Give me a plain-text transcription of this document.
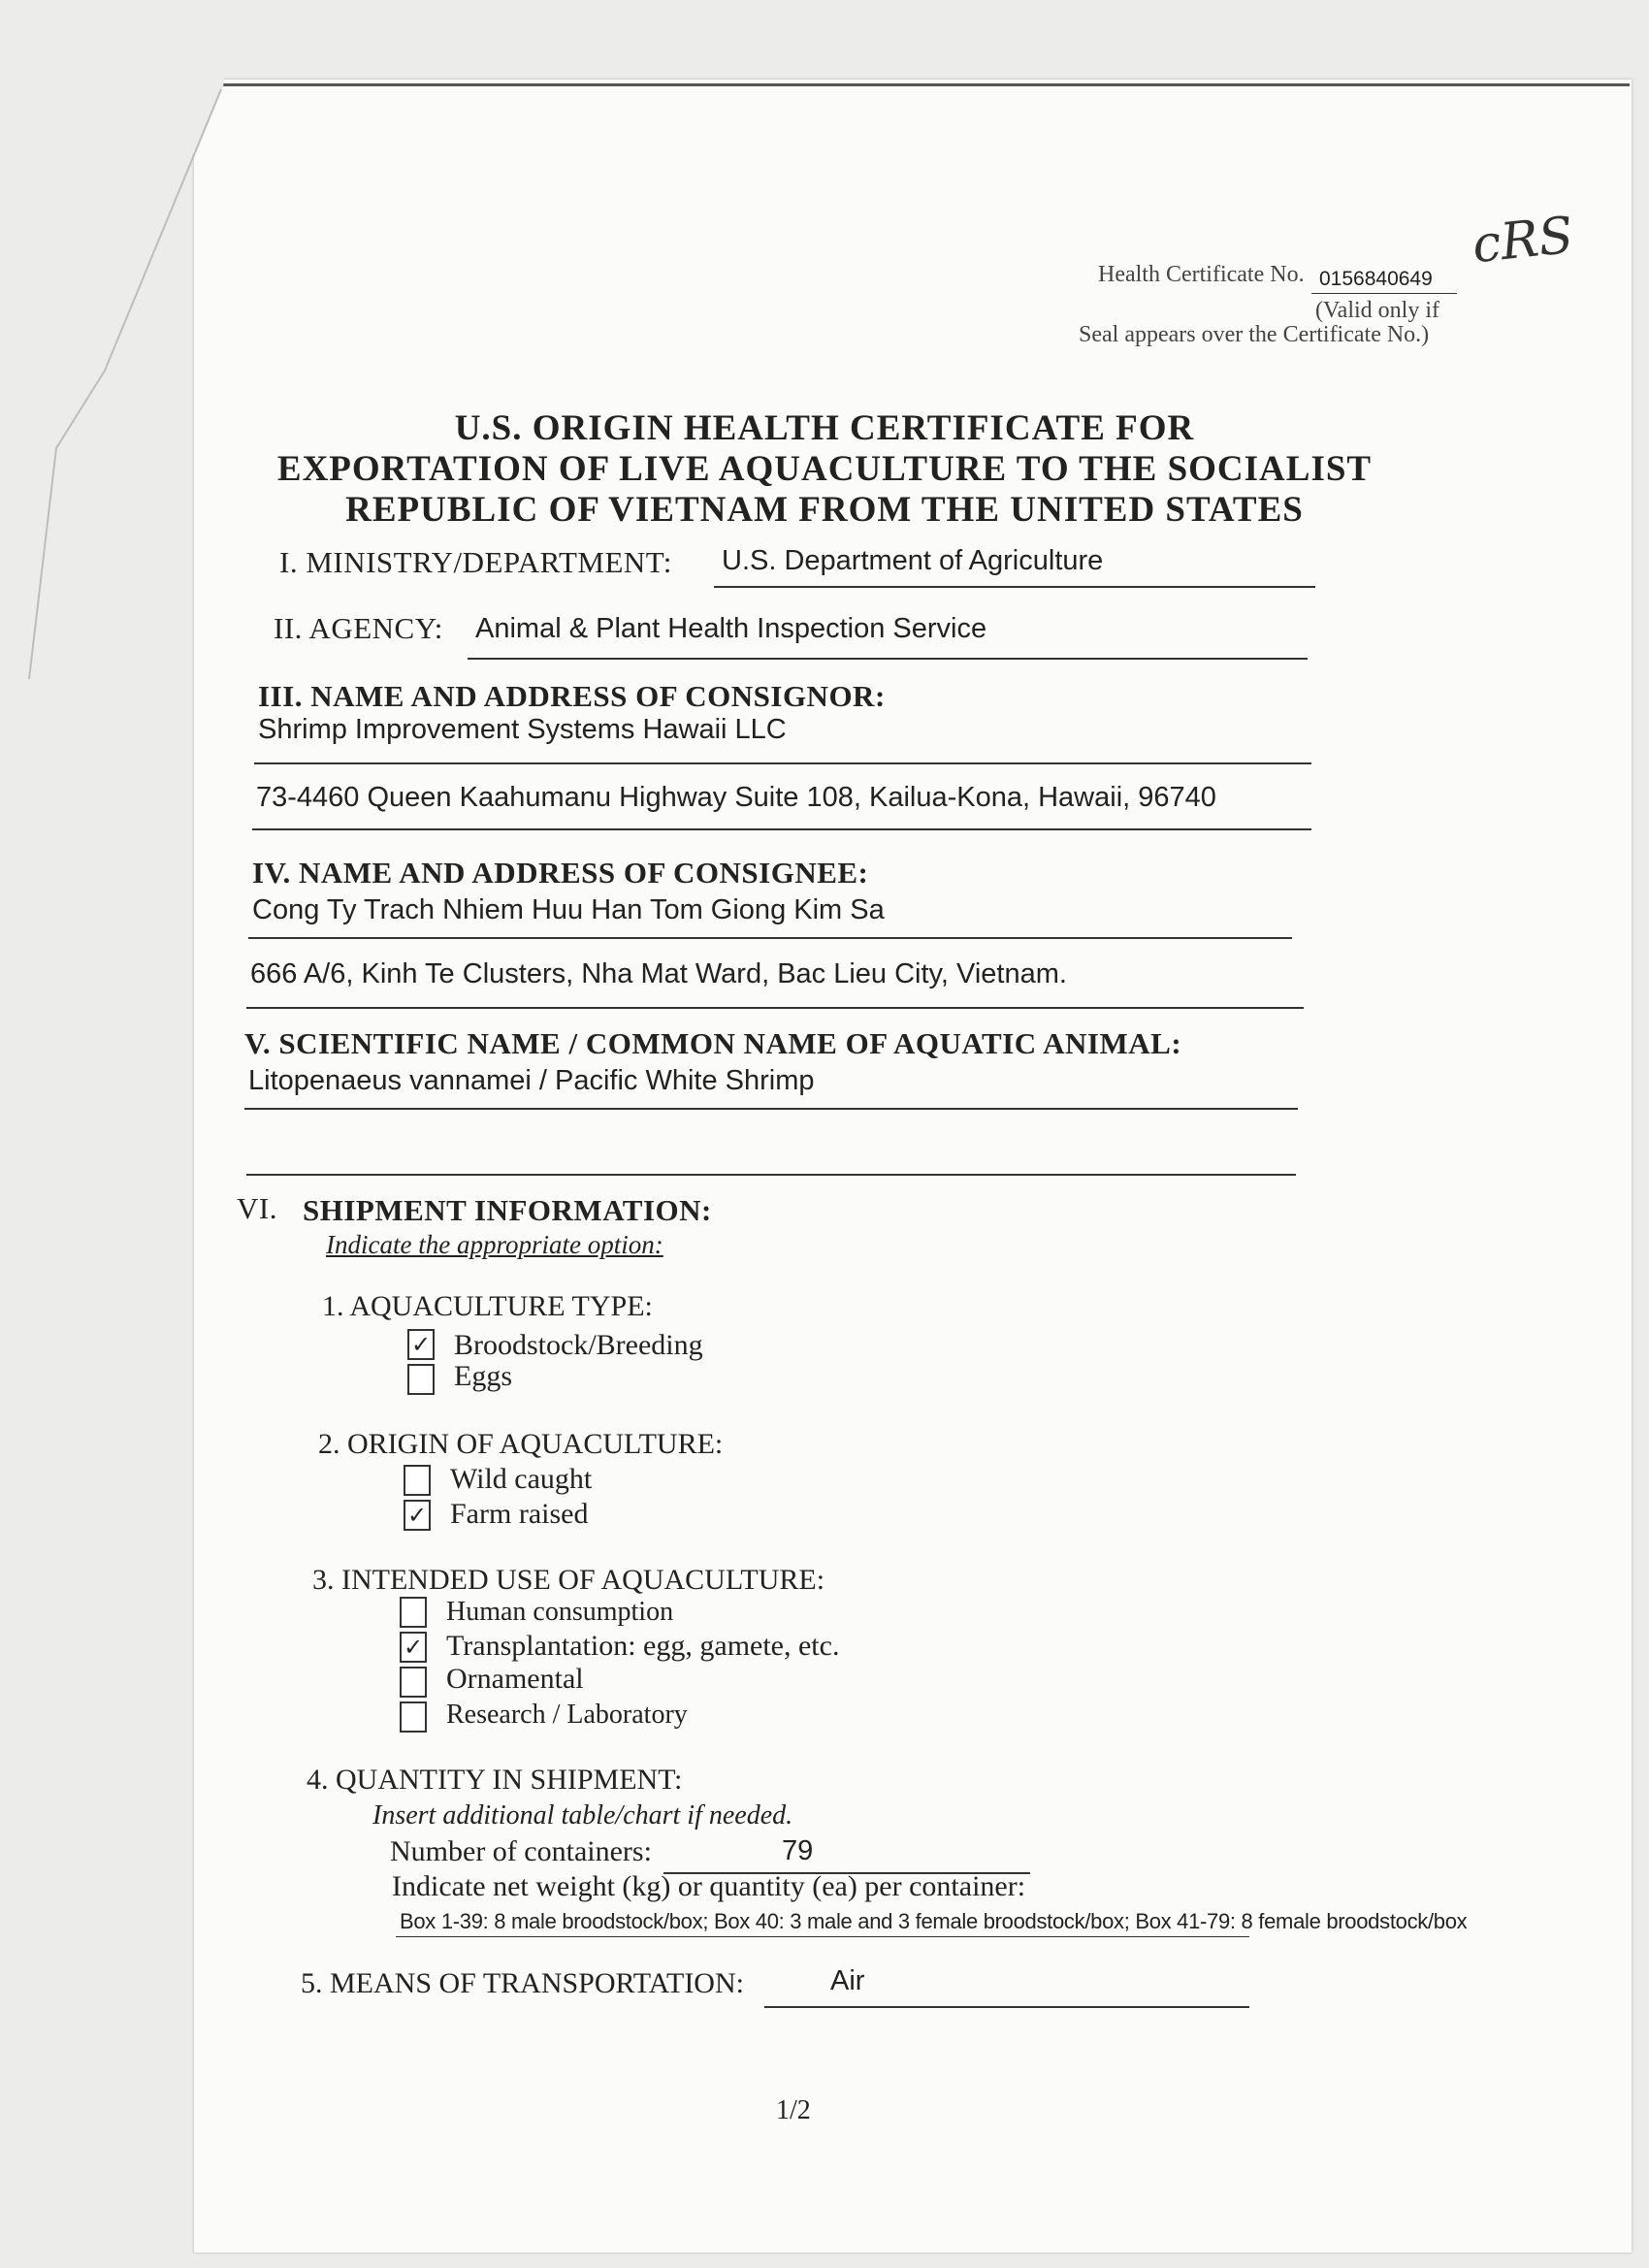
Health Certificate No. 0156840649
(Valid only if
Seal appears over the Certificate No.)
cRS
U.S. ORIGIN HEALTH CERTIFICATE FOR
EXPORTATION OF LIVE AQUACULTURE TO THE SOCIALIST
REPUBLIC OF VIETNAM FROM THE UNITED STATES
I. MINISTRY/DEPARTMENT: U.S. Department of Agriculture
II. AGENCY: Animal & Plant Health Inspection Service
III. NAME AND ADDRESS OF CONSIGNOR:
Shrimp Improvement Systems Hawaii LLC
73-4460 Queen Kaahumanu Highway Suite 108, Kailua-Kona, Hawaii, 96740
IV. NAME AND ADDRESS OF CONSIGNEE:
Cong Ty Trach Nhiem Huu Han Tom Giong Kim Sa
666 A/6, Kinh Te Clusters, Nha Mat Ward, Bac Lieu City, Vietnam.
V. SCIENTIFIC NAME / COMMON NAME OF AQUATIC ANIMAL:
Litopenaeus vannamei / Pacific White Shrimp
VI. SHIPMENT INFORMATION:
Indicate the appropriate option:
1. AQUACULTURE TYPE:
✓ Broodstock/Breeding
Eggs
2. ORIGIN OF AQUACULTURE:
Wild caught
✓ Farm raised
3. INTENDED USE OF AQUACULTURE:
Human consumption
✓ Transplantation: egg, gamete, etc.
Ornamental
Research / Laboratory
4. QUANTITY IN SHIPMENT:
Insert additional table/chart if needed.
Number of containers:	79
Indicate net weight (kg) or quantity (ea) per container:
Box 1-39: 8 male broodstock/box; Box 40: 3 male and 3 female broodstock/box; Box 41-79: 8 female broodstock/box
5. MEANS OF TRANSPORTATION:	Air
1/2
